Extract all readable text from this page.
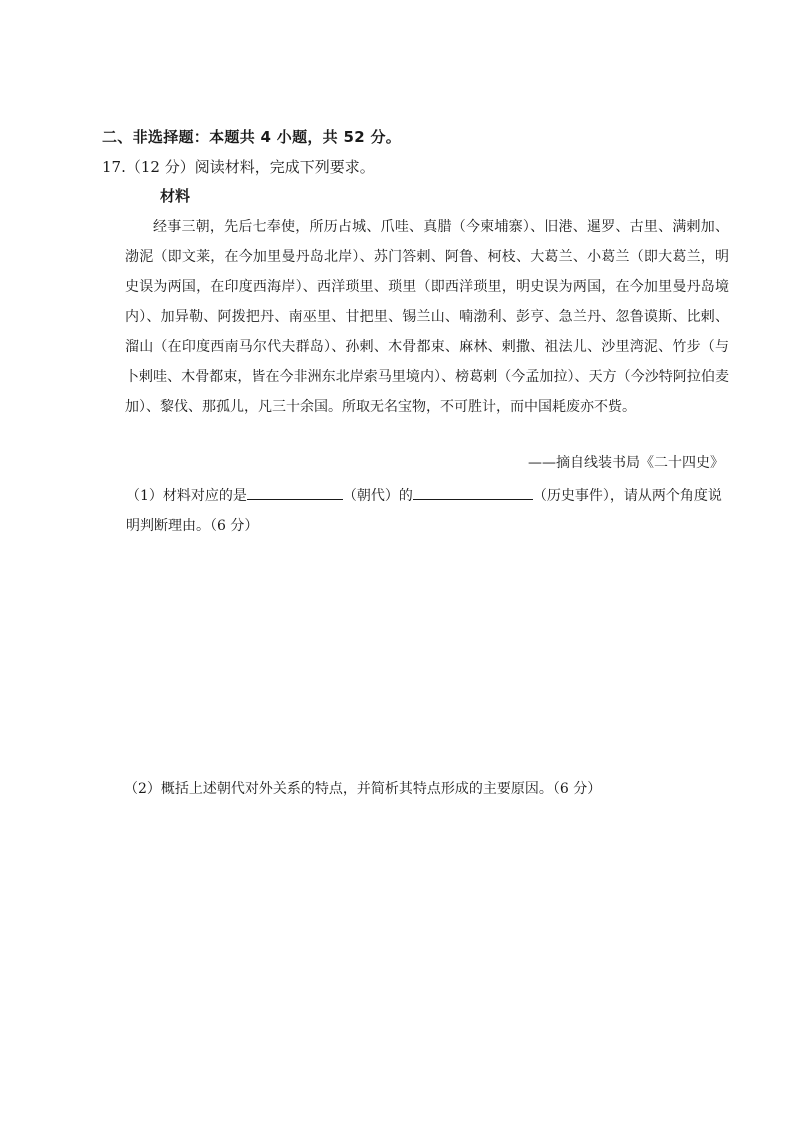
二、非选择题：本题共 4 小题，共 52 分。
17.（12 分）阅读材料，完成下列要求。
材料
经事三朝，先后七奉使，所历占城、爪哇、真腊（今柬埔寨）、旧港、暹罗、古里、满剌加、渤泥（即文莱，在今加里曼丹岛北岸）、苏门答剌、阿鲁、柯枝、大葛兰、小葛兰（即大葛兰，明史误为两国，在印度西海岸）、西洋琐里、琐里（即西洋琐里，明史误为两国，在今加里曼丹岛境内）、加异勒、阿拨把丹、南巫里、甘把里、锡兰山、喃渤利、彭亨、急兰丹、忽鲁谟斯、比剌、溜山（在印度西南马尔代夫群岛）、孙剌、木骨都束、麻林、剌撒、祖法儿、沙里湾泥、竹步（与卜剌哇、木骨都束，皆在今非洲东北岸索马里境内）、榜葛剌（今孟加拉）、天方（今沙特阿拉伯麦加）、黎伐、那孤儿，凡三十余国。所取无名宝物，不可胜计，而中国耗废亦不赀。
——摘自线装书局《二十四史》
（1）材料对应的是	（朝代）的	（历史事件），请从两个角度说明判断理由。（6 分）
（2）概括上述朝代对外关系的特点，并简析其特点形成的主要原因。（6 分）
